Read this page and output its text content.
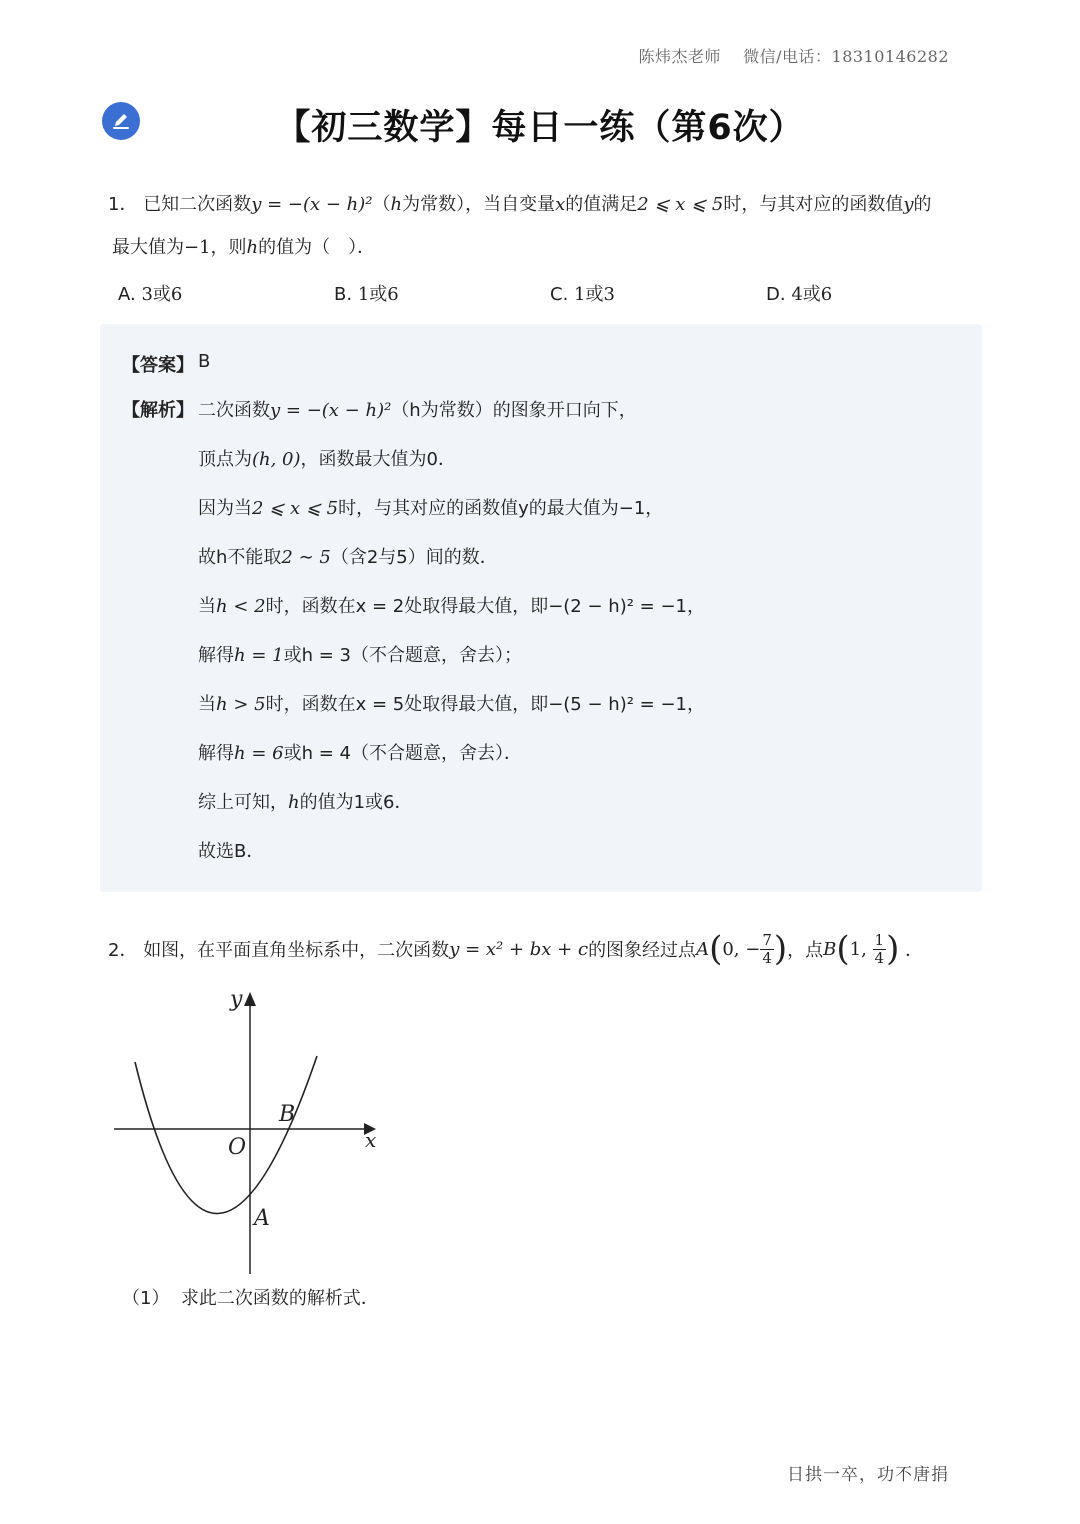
陈炜杰老师　 微信/电话：18310146282
【初三数学】每日一练（第6次）
1． 已知二次函数y = −(x − h)²（h为常数），当自变量x的值满足2 ⩽ x ⩽ 5时，与其对应的函数值y的
最大值为−1，则h的值为（　）．
A. 3或6	B. 1或6	C. 1或3	D. 4或6
【答案】 B
【解析】 二次函数y = −(x − h)²（h为常数）的图象开口向下，
顶点为(h, 0)，函数最大值为0．
因为当2 ⩽ x ⩽ 5时，与其对应的函数值y的最大值为−1，
故h不能取2 ∼ 5（含2与5）间的数．
当h < 2时，函数在x = 2处取得最大值，即−(2 − h)² = −1，
解得h = 1或h = 3（不合题意，舍去）；
当h > 5时，函数在x = 5处取得最大值，即−(5 − h)² = −1，
解得h = 6或h = 4（不合题意，舍去）．
综上可知，h的值为1或6．
故选B．
2．
如图，在平面直角坐标系中，二次函数 y = x² + bx + c 的图象经过点 A ( 0, − $\frac{7}{4}$ ) ，点 B ( 1, $\frac{1}{4}$ )
．
y
x
O
A
B
（1）  求此二次函数的解析式．
日拱一卒，功不唐捐
